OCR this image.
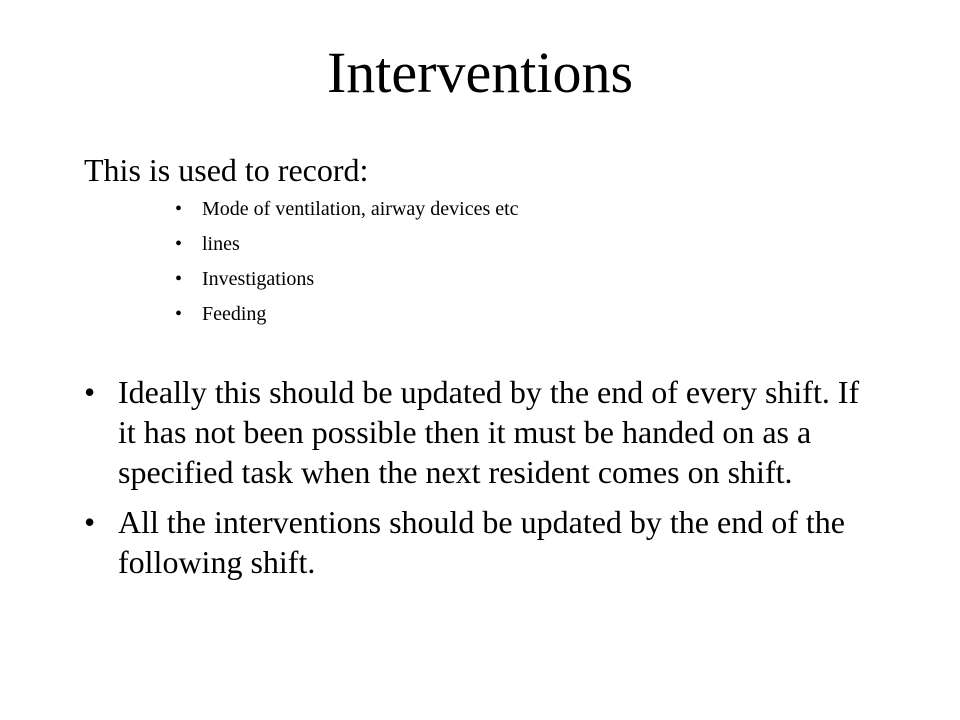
Interventions
This is used to record:
• Mode of ventilation, airway devices etc
• lines
• Investigations
• Feeding
• Ideally this should be updated by the end of every shift. If it has not been possible then it must be handed on as a specified task when the next resident comes on shift.
• All the interventions should be updated by the end of the following shift.
